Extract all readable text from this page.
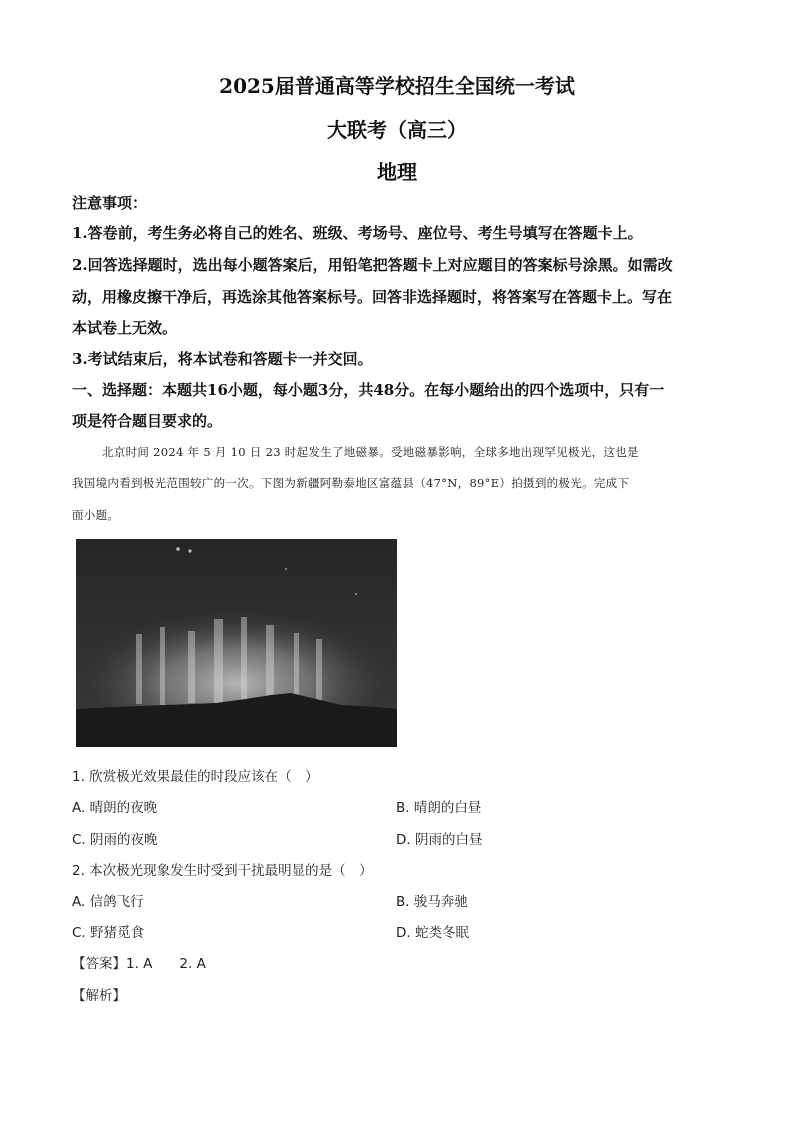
2025届普通高等学校招生全国统一考试
大联考（高三）
地理
注意事项：
1.答卷前，考生务必将自己的姓名、班级、考场号、座位号、考生号填写在答题卡上。
2.回答选择题时，选出每小题答案后，用铅笔把答题卡上对应题目的答案标号涂黑。如需改
动，用橡皮擦干净后，再选涂其他答案标号。回答非选择题时，将答案写在答题卡上。写在
本试卷上无效。
3.考试结束后，将本试卷和答题卡一并交回。
一、选择题：本题共16小题，每小题3分，共48分。在每小题给出的四个选项中，只有一
项是符合题目要求的。
北京时间 2024 年 5 月 10 日 23 时起发生了地磁暴。受地磁暴影响，全球多地出现罕见极光，这也是
我国境内看到极光范围较广的一次。下图为新疆阿勒泰地区富蕴县（47°N，89°E）拍摄到的极光。完成下
面小题。
1. 欣赏极光效果最佳的时段应该在（　）
A. 晴朗的夜晚	B. 晴朗的白昼
C. 阴雨的夜晚	D. 阴雨的白昼
2. 本次极光现象发生时受到干扰最明显的是（　）
A. 信鸽飞行	B. 骏马奔驰
C. 野猪觅食	D. 蛇类冬眠
【答案】1. A　　2. A
【解析】
